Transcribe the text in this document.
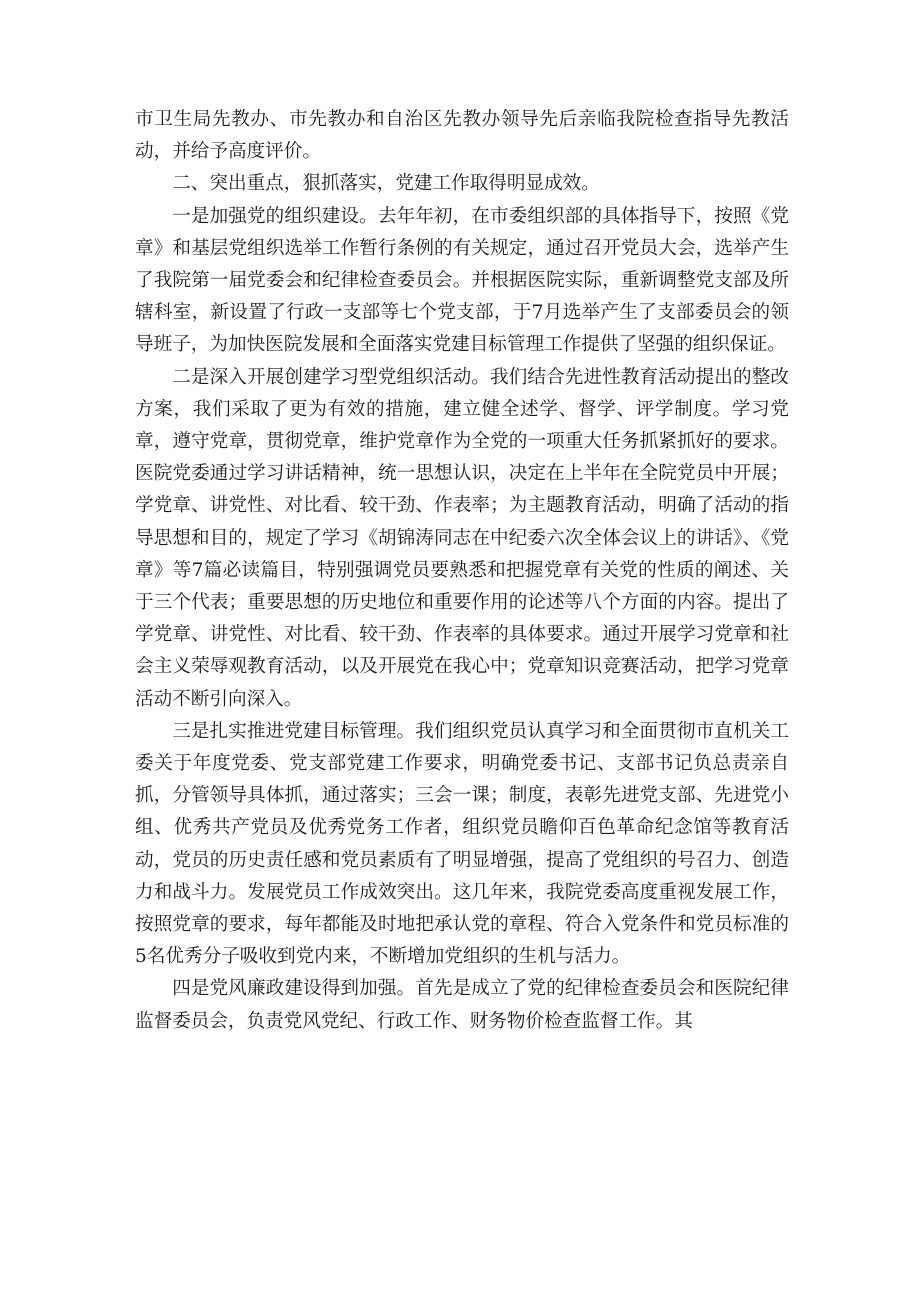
市卫生局先教办、市先教办和自治区先教办领导先后亲临我院检查指导先教活动，并给予高度评价。

二、突出重点，狠抓落实，党建工作取得明显成效。

一是加强党的组织建设。去年年初，在市委组织部的具体指导下，按照《党章》和基层党组织选举工作暂行条例的有关规定，通过召开党员大会，选举产生了我院第一届党委会和纪律检查委员会。并根据医院实际，重新调整党支部及所辖科室，新设置了行政一支部等七个党支部，于7月选举产生了支部委员会的领导班子，为加快医院发展和全面落实党建目标管理工作提供了坚强的组织保证。

二是深入开展创建学习型党组织活动。我们结合先进性教育活动提出的整改方案，我们采取了更为有效的措施，建立健全述学、督学、评学制度。学习党章，遵守党章，贯彻党章，维护党章作为全党的一项重大任务抓紧抓好的要求。医院党委通过学习讲话精神，统一思想认识，决定在上半年在全院党员中开展；学党章、讲党性、对比看、较干劲、作表率；为主题教育活动，明确了活动的指导思想和目的，规定了学习《胡锦涛同志在中纪委六次全体会议上的讲话》、《党章》等7篇必读篇目，特别强调党员要熟悉和把握党章有关党的性质的阐述、关于三个代表；重要思想的历史地位和重要作用的论述等八个方面的内容。提出了学党章、讲党性、对比看、较干劲、作表率的具体要求。通过开展学习党章和社会主义荣辱观教育活动，以及开展党在我心中；党章知识竞赛活动，把学习党章活动不断引向深入。

三是扎实推进党建目标管理。我们组织党员认真学习和全面贯彻市直机关工委关于年度党委、党支部党建工作要求，明确党委书记、支部书记负总责亲自抓，分管领导具体抓，通过落实；三会一课；制度，表彰先进党支部、先进党小组、优秀共产党员及优秀党务工作者，组织党员瞻仰百色革命纪念馆等教育活动，党员的历史责任感和党员素质有了明显增强，提高了党组织的号召力、创造力和战斗力。发展党员工作成效突出。这几年来，我院党委高度重视发展工作，按照党章的要求，每年都能及时地把承认党的章程、符合入党条件和党员标准的5名优秀分子吸收到党内来，不断增加党组织的生机与活力。

四是党风廉政建设得到加强。首先是成立了党的纪律检查委员会和医院纪律监督委员会，负责党风党纪、行政工作、财务物价检查监督工作。其
